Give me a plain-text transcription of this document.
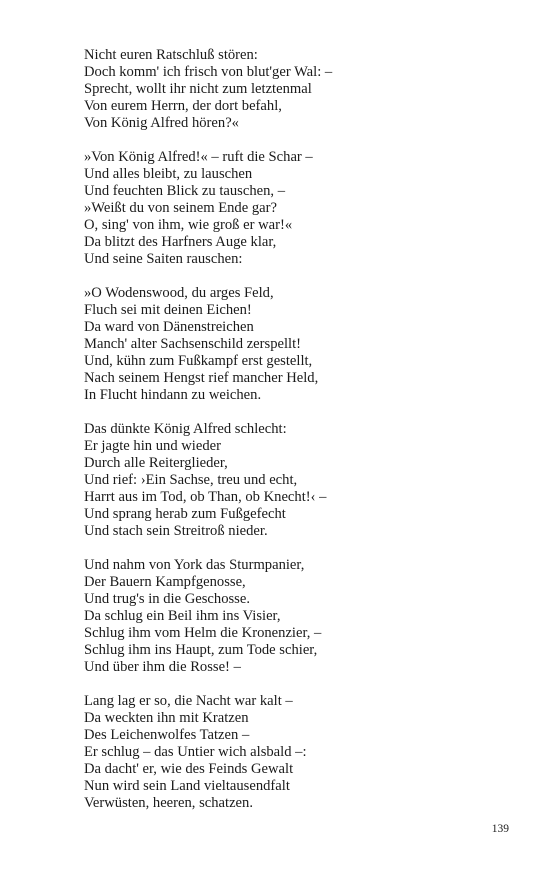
Nicht euren Ratschluß stören:
Doch komm' ich frisch von blut'ger Wal: –
Sprecht, wollt ihr nicht zum letztenmal
Von eurem Herrn, der dort befahl,
Von König Alfred hören?«
»Von König Alfred!« – ruft die Schar –
Und alles bleibt, zu lauschen
Und feuchten Blick zu tauschen, –
»Weißt du von seinem Ende gar?
O, sing' von ihm, wie groß er war!«
Da blitzt des Harfners Auge klar,
Und seine Saiten rauschen:
»O Wodenswood, du arges Feld,
Fluch sei mit deinen Eichen!
Da ward von Dänenstreichen
Manch' alter Sachsenschild zerspellt!
Und, kühn zum Fußkampf erst gestellt,
Nach seinem Hengst rief mancher Held,
In Flucht hindann zu weichen.
Das dünkte König Alfred schlecht:
Er jagte hin und wieder
Durch alle Reiterglieder,
Und rief: ›Ein Sachse, treu und echt,
Harrt aus im Tod, ob Than, ob Knecht!‹ –
Und sprang herab zum Fußgefecht
Und stach sein Streitroß nieder.
Und nahm von York das Sturmpanier,
Der Bauern Kampfgenosse,
Und trug's in die Geschosse.
Da schlug ein Beil ihm ins Visier,
Schlug ihm vom Helm die Kronenzier, –
Schlug ihm ins Haupt, zum Tode schier,
Und über ihm die Rosse! –
Lang lag er so, die Nacht war kalt –
Da weckten ihn mit Kratzen
Des Leichenwolfes Tatzen –
Er schlug – das Untier wich alsbald –:
Da dacht' er, wie des Feinds Gewalt
Nun wird sein Land vieltausendfalt
Verwüsten, heeren, schatzen.
139
